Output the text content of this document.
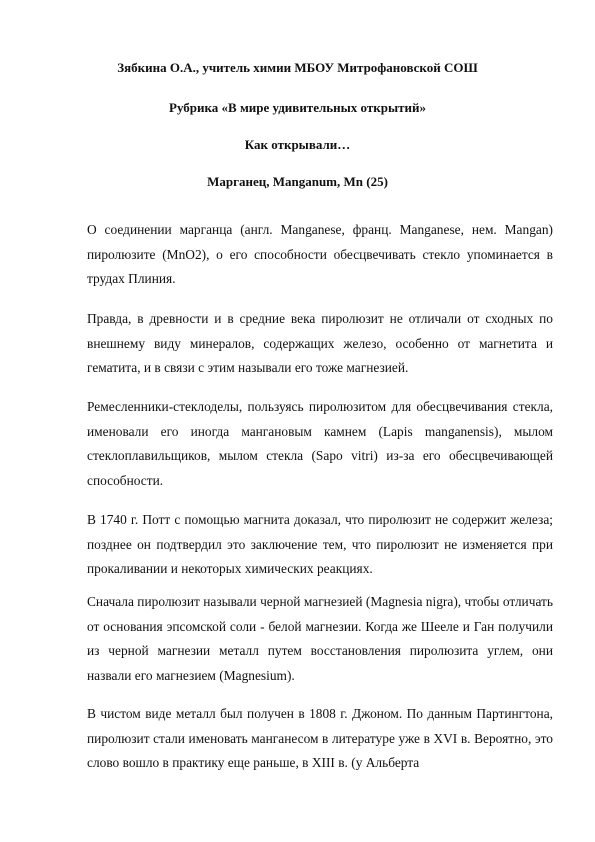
Зябкина О.А., учитель химии МБОУ Митрофановской СОШ
Рубрика «В мире удивительных открытий»
Как открывали…
Марганец, Manganum, Mn (25)

О соединении марганца (англ. Manganese, франц. Manganese, нем. Mangan) пиролюзите (MnO2), о его способности обесцвечивать стекло упоминается в трудах Плиния.

Правда, в древности и в средние века пиролюзит не отличали от сходных по внешнему виду минералов, содержащих железо, особенно от магнетита и гематита, и в связи с этим называли его тоже магнезией.

Ремесленники-стеклоделы, пользуясь пиролюзитом для обесцвечивания стекла, именовали его иногда мангановым камнем (Lapis manganensis), мылом стеклоплавильщиков, мылом стекла (Sapo vitri) из-за его обесцвечивающей способности.

В 1740 г. Потт с помощью магнита доказал, что пиролюзит не содержит железа; позднее он подтвердил это заключение тем, что пиролюзит не изменяется при прокаливании и некоторых химических реакциях.

Сначала пиролюзит называли черной магнезией (Magnesia nigra), чтобы отличать от основания эпсомской соли - белой магнезии. Когда же Шееле и Ган получили из черной магнезии металл путем восстановления пиролюзита углем, они назвали его магнезием (Magnesium).

В чистом виде металл был получен в 1808 г. Джоном. По данным Партингтона, пиролюзит стали именовать манганесом в литературе уже в XVI в. Вероятно, это слово вошло в практику еще раньше, в XIII в. (у Альберта
